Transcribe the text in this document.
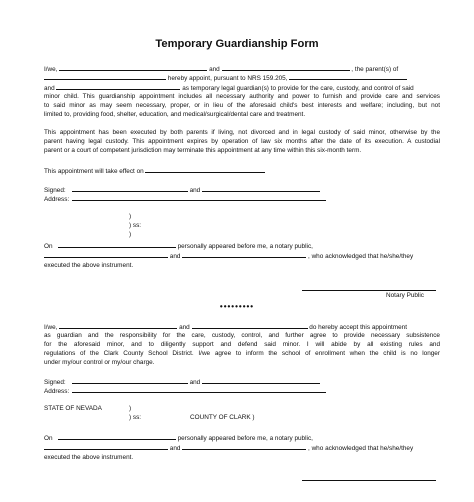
Temporary Guardianship Form
I/we,	and	, the parent(s) of
hereby appoint, pursuant to NRS 159.205,
and	as temporary legal guardian(s) to provide for the care, custody, and control of said
minor child. This guardianship appointment includes all necessary authority and power to furnish and provide care and services
to said minor as may seem necessary, proper, or in lieu of the aforesaid child's best interests and welfare; including, but not
limited to, providing food, shelter, education, and medical/surgical/dental care and treatment.
This appointment has been executed by both parents if living, not divorced and in legal custody of said minor, otherwise by the
parent having legal custody. This appointment expires by operation of law six months after the date of its execution. A custodial
parent or a court of competent jurisdiction may terminate this appointment at any time within this six-month term.
This appointment will take effect on
Signed:	and
Address:
)
) ss:
)
On	personally appeared before me, a notary public,
and	, who acknowledged that he/she/they
executed the above instrument.
Notary Public
•••••••••
I/we,	and	do hereby accept this appointment
as guardian and the responsibility for the care, custody, control, and further agree to provide necessary subsistence
for the aforesaid minor, and to diligently support and defend said minor. I will abide by all existing rules and
regulations of the Clark County School District. I/we agree to inform the school of enrollment when the child is no longer
under my/our control or my/our charge.
Signed:	and
Address:
STATE OF NEVADA	)
) ss:	COUNTY OF CLARK )
On	personally appeared before me, a notary public,
and	, who acknowledged that he/she/they
executed the above instrument.
